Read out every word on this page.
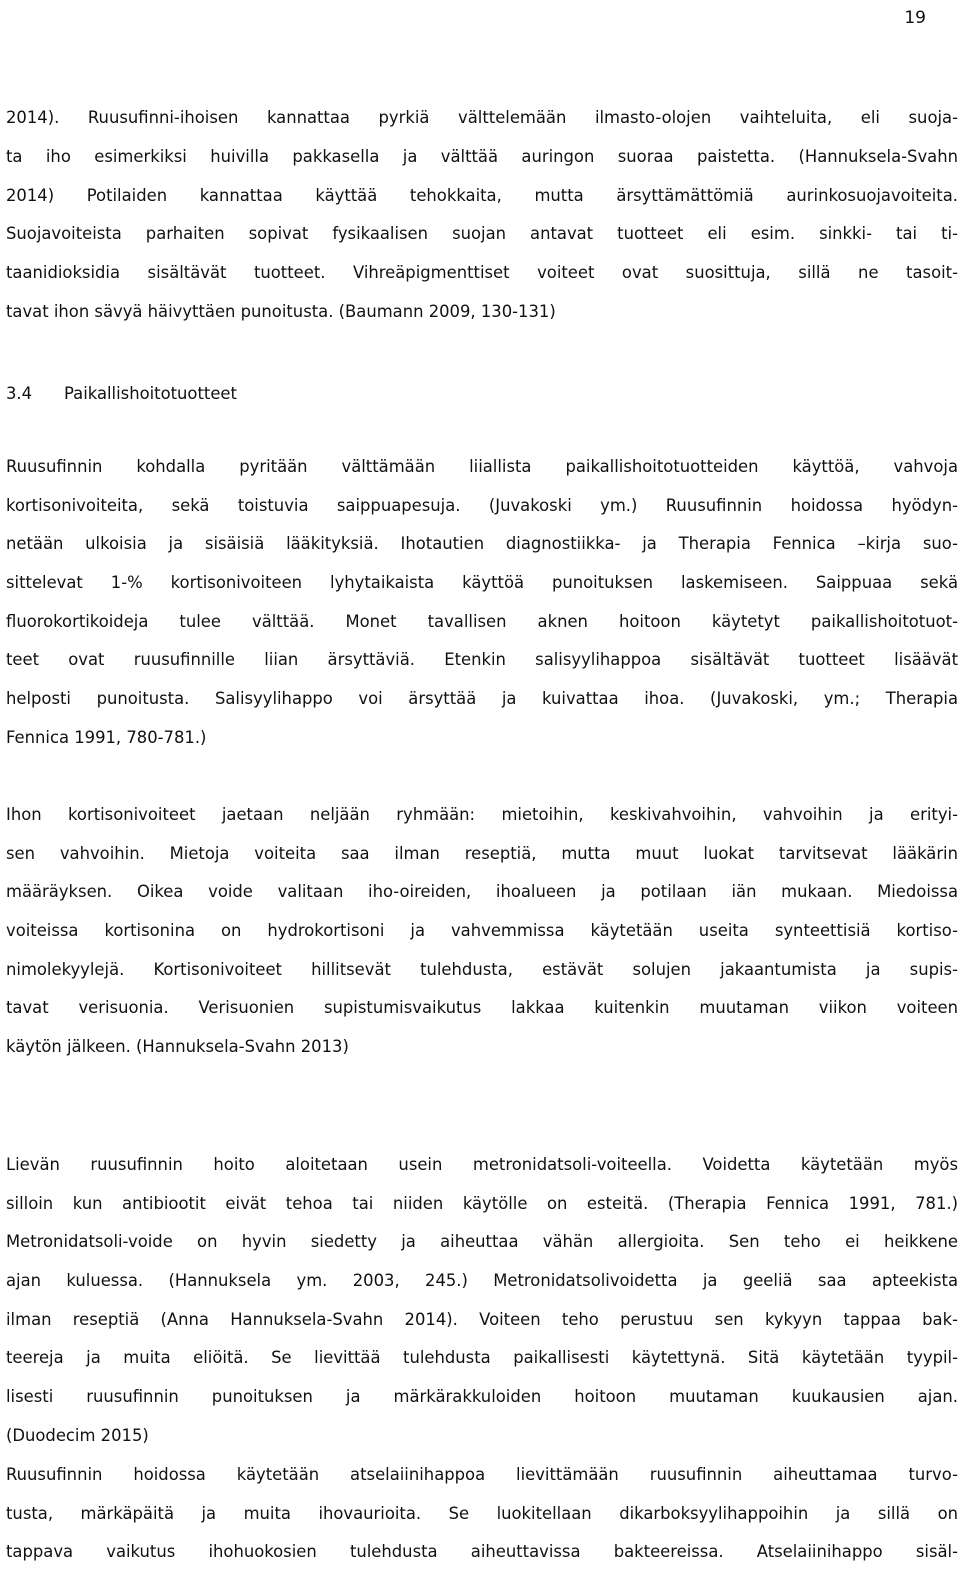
19
2014). Ruusufinni-ihoisen kannattaa pyrkiä välttelemään ilmasto-olojen vaihteluita, eli suoja-
ta iho esimerkiksi huivilla pakkasella ja välttää auringon suoraa paistetta. (Hannuksela-Svahn
2014) Potilaiden kannattaa käyttää tehokkaita, mutta ärsyttämättömiä aurinkosuojavoiteita.
Suojavoiteista parhaiten sopivat fysikaalisen suojan antavat tuotteet eli esim. sinkki- tai ti-
taanidioksidia sisältävät tuotteet. Vihreäpigmenttiset voiteet ovat suosittuja, sillä ne tasoit-
tavat ihon sävyä häivyttäen punoitusta. (Baumann 2009, 130-131)
3.4 Paikallishoitotuotteet
Ruusufinnin kohdalla pyritään välttämään liiallista paikallishoitotuotteiden käyttöä, vahvoja
kortisonivoiteita, sekä toistuvia saippuapesuja. (Juvakoski ym.) Ruusufinnin hoidossa hyödyn-
netään ulkoisia ja sisäisiä lääkityksiä. Ihotautien diagnostiikka- ja Therapia Fennica –kirja suo-
sittelevat 1-% kortisonivoiteen lyhytaikaista käyttöä punoituksen laskemiseen. Saippuaa sekä
fluorokortikoideja tulee välttää. Monet tavallisen aknen hoitoon käytetyt paikallishoitotuot-
teet ovat ruusufinnille liian ärsyttäviä. Etenkin salisyylihappoa sisältävät tuotteet lisäävät
helposti punoitusta. Salisyylihappo voi ärsyttää ja kuivattaa ihoa. (Juvakoski, ym.; Therapia
Fennica 1991, 780-781.)
Ihon kortisonivoiteet jaetaan neljään ryhmään: mietoihin, keskivahvoihin, vahvoihin ja erityi-
sen vahvoihin. Mietoja voiteita saa ilman reseptiä, mutta muut luokat tarvitsevat lääkärin
määräyksen. Oikea voide valitaan iho-oireiden, ihoalueen ja potilaan iän mukaan. Miedoissa
voiteissa kortisonina on hydrokortisoni ja vahvemmissa käytetään useita synteettisiä kortiso-
nimolekyylejä. Kortisonivoiteet hillitsevät tulehdusta, estävät solujen jakaantumista ja supis-
tavat verisuonia. Verisuonien supistumisvaikutus lakkaa kuitenkin muutaman viikon voiteen
käytön jälkeen. (Hannuksela-Svahn 2013)
Lievän ruusufinnin hoito aloitetaan usein metronidatsoli-voiteella. Voidetta käytetään myös
silloin kun antibiootit eivät tehoa tai niiden käytölle on esteitä. (Therapia Fennica 1991, 781.)
Metronidatsoli-voide on hyvin siedetty ja aiheuttaa vähän allergioita. Sen teho ei heikkene
ajan kuluessa. (Hannuksela ym. 2003, 245.) Metronidatsolivoidetta ja geeliä saa apteekista
ilman reseptiä (Anna Hannuksela-Svahn 2014). Voiteen teho perustuu sen kykyyn tappaa bak-
teereja ja muita eliöitä. Se lievittää tulehdusta paikallisesti käytettynä. Sitä käytetään tyypil-
lisesti ruusufinnin punoituksen ja märkärakkuloiden hoitoon muutaman kuukausien ajan.
(Duodecim 2015)
Ruusufinnin hoidossa käytetään atselaiinihappoa lievittämään ruusufinnin aiheuttamaa turvo-
tusta, märkäpäitä ja muita ihovaurioita. Se luokitellaan dikarboksyylihappoihin ja sillä on
tappava vaikutus ihohuokosien tulehdusta aiheuttavissa bakteereissa. Atselaiinihappo sisäl-
